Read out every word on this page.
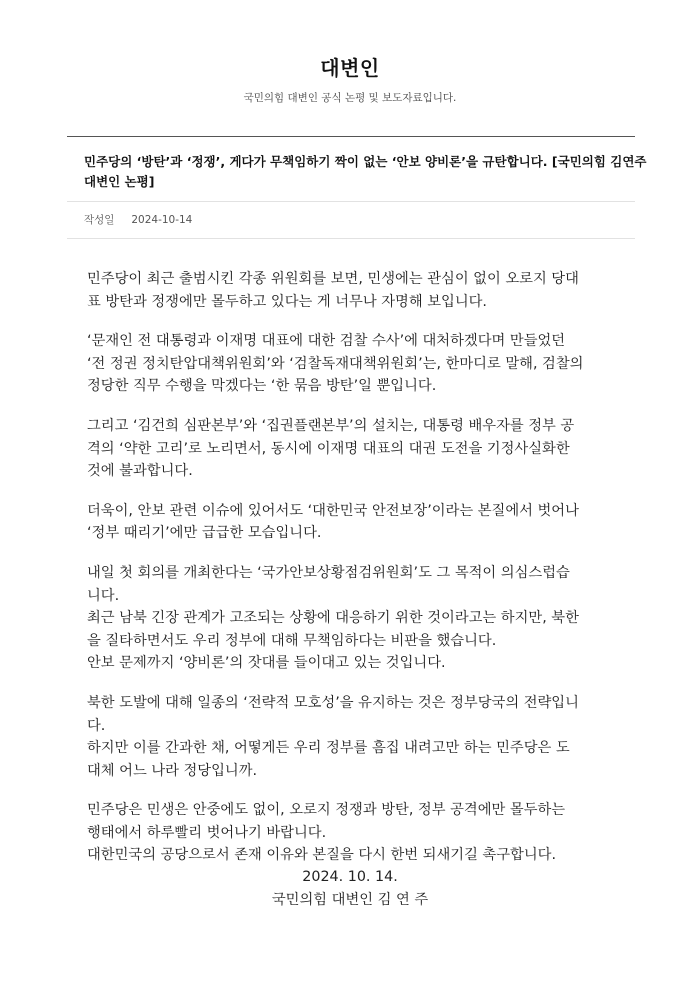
대변인
국민의힘 대변인 공식 논평 및 보도자료입니다.
민주당의 ‘방탄’과 ‘정쟁’, 게다가 무책임하기 짝이 없는 ‘안보 양비론’을 규탄합니다. [국민의힘 김연주
대변인 논평]
작성일 2024-10-14

민주당이 최근 출범시킨 각종 위원회를 보면, 민생에는 관심이 없이 오로지 당대
표 방탄과 정쟁에만 몰두하고 있다는 게 너무나 자명해 보입니다.

‘문재인 전 대통령과 이재명 대표에 대한 검찰 수사’에 대처하겠다며 만들었던
‘전 정권 정치탄압대책위원회’와 ‘검찰독재대책위원회’는, 한마디로 말해, 검찰의
정당한 직무 수행을 막겠다는 ‘한 묶음 방탄’일 뿐입니다.

그리고 ‘김건희 심판본부’와 ‘집권플랜본부’의 설치는, 대통령 배우자를 정부 공
격의 ‘약한 고리’로 노리면서, 동시에 이재명 대표의 대권 도전을 기정사실화한
것에 불과합니다.

더욱이, 안보 관련 이슈에 있어서도 ‘대한민국 안전보장’이라는 본질에서 벗어나
‘정부 때리기’에만 급급한 모습입니다.

내일 첫 회의를 개최한다는 ‘국가안보상황점검위원회’도 그 목적이 의심스럽습
니다.
최근 남북 긴장 관계가 고조되는 상황에 대응하기 위한 것이라고는 하지만, 북한
을 질타하면서도 우리 정부에 대해 무책임하다는 비판을 했습니다.
안보 문제까지 ‘양비론’의 잣대를 들이대고 있는 것입니다.

북한 도발에 대해 일종의 ‘전략적 모호성’을 유지하는 것은 정부당국의 전략입니
다.
하지만 이를 간과한 채, 어떻게든 우리 정부를 흠집 내려고만 하는 민주당은 도
대체 어느 나라 정당입니까.

민주당은 민생은 안중에도 없이, 오로지 정쟁과 방탄, 정부 공격에만 몰두하는
행태에서 하루빨리 벗어나기 바랍니다.
대한민국의 공당으로서 존재 이유와 본질을 다시 한번 되새기길 촉구합니다.

2024. 10. 14.
국민의힘 대변인 김 연 주
